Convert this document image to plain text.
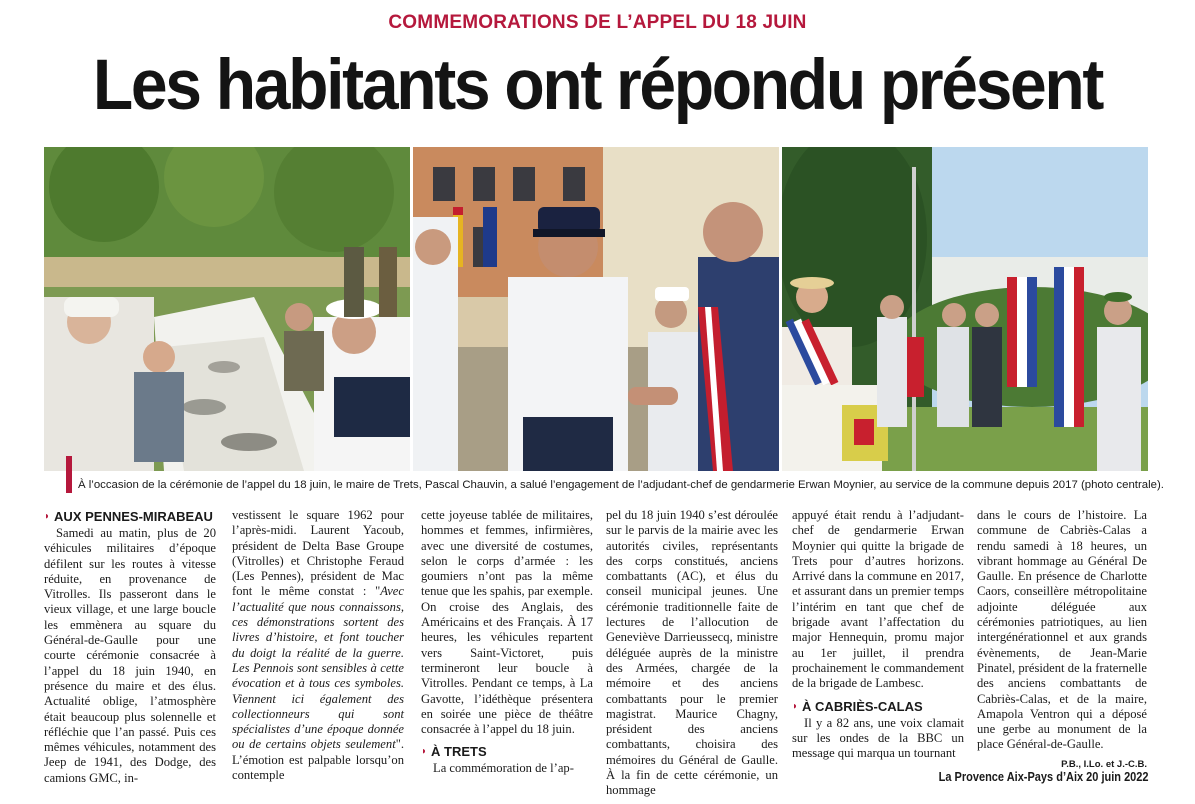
COMMEMORATIONS DE L’APPEL DU 18 JUIN
Les habitants ont répondu présent
À l’occasion de la cérémonie de l’appel du 18 juin, le maire de Trets, Pascal Chauvin, a salué l’engagement de l’adjudant-chef de gendarmerie Erwan Moynier, au service de la commune depuis 2017 (photo centrale).
◗ AUX PENNES-MIRABEAU

Samedi au matin, plus de 20 véhicules militaires d’époque défilent sur les routes à vitesse réduite, en provenance de Vitrolles. Ils passeront dans le vieux village, et une large boucle les emmènera au square du Général-de-Gaulle pour une courte cérémonie consacrée à l’appel du 18 juin 1940, en présence du maire et des élus. Actualité oblige, l’atmosphère était beaucoup plus solennelle et réfléchie que l’an passé. Puis ces mêmes véhicules, notamment des Jeep de 1941, des Dodge, des camions GMC, in-

vestissent le square 1962 pour l’après-midi. Laurent Yacoub, président de Delta Base Groupe (Vitrolles) et Christophe Feraud (Les Pennes), président de Mac font le même constat : "Avec l’actualité que nous connaissons, ces démonstrations sortent des livres d’histoire, et font toucher du doigt la réalité de la guerre. Les Pennois sont sensibles à cette évocation et à tous ces symboles. Viennent ici également des collectionneurs qui sont spécialistes d’une époque donnée ou de certains objets seulement". L’émotion est palpable lorsqu’on contemple

cette joyeuse tablée de militaires, hommes et femmes, infirmières, avec une diversité de costumes, selon le corps d’armée : les goumiers n’ont pas la même tenue que les spahis, par exemple. On croise des Anglais, des Américains et des Français. À 17 heures, les véhicules repartent vers Saint-Victoret, puis termineront leur boucle à Vitrolles. Pendant ce temps, à La Gavotte, l’idéthèque présentera en soirée une pièce de théâtre consacrée à l’appel du 18 juin.

◗ À TRETS

La commémoration de l’ap-

pel du 18 juin 1940 s’est déroulée sur le parvis de la mairie avec les autorités civiles, représentants des corps constitués, anciens combattants (AC), et élus du conseil municipal jeunes. Une cérémonie traditionnelle faite de lectures de l’allocution de Geneviève Darrieussecq, ministre déléguée auprès de la ministre des Armées, chargée de la mémoire et des anciens combattants pour le premier magistrat. Maurice Chagny, président des anciens combattants, choisira des mémoires du Général de Gaulle. À la fin de cette cérémonie, un hommage

appuyé était rendu à l’adjudant-chef de gendarmerie Erwan Moynier qui quitte la brigade de Trets pour d’autres horizons. Arrivé dans la commune en 2017, et assurant dans un premier temps l’intérim en tant que chef de brigade avant l’affectation du major Hennequin, promu major au 1er juillet, il prendra prochainement le commandement de la brigade de Lambesc.

◗ À CABRIÈS-CALAS

Il y a 82 ans, une voix clamait sur les ondes de la BBC un message qui marqua un tournant

dans le cours de l’histoire. La commune de Cabriès-Calas a rendu samedi à 18 heures, un vibrant hommage au Général De Gaulle. En présence de Charlotte Caors, conseillère métropolitaine adjointe déléguée aux cérémonies patriotiques, au lien intergénérationnel et aux grands évènements, de Jean-Marie Pinatel, président de la fraternelle des anciens combattants de Cabriès-Calas, et de la maire, Amapola Ventron qui a déposé une gerbe au monument de la place Général-de-Gaulle.

P.B., I.Lo. et J.-C.B.
La Provence Aix-Pays d’Aix 20 juin 2022
